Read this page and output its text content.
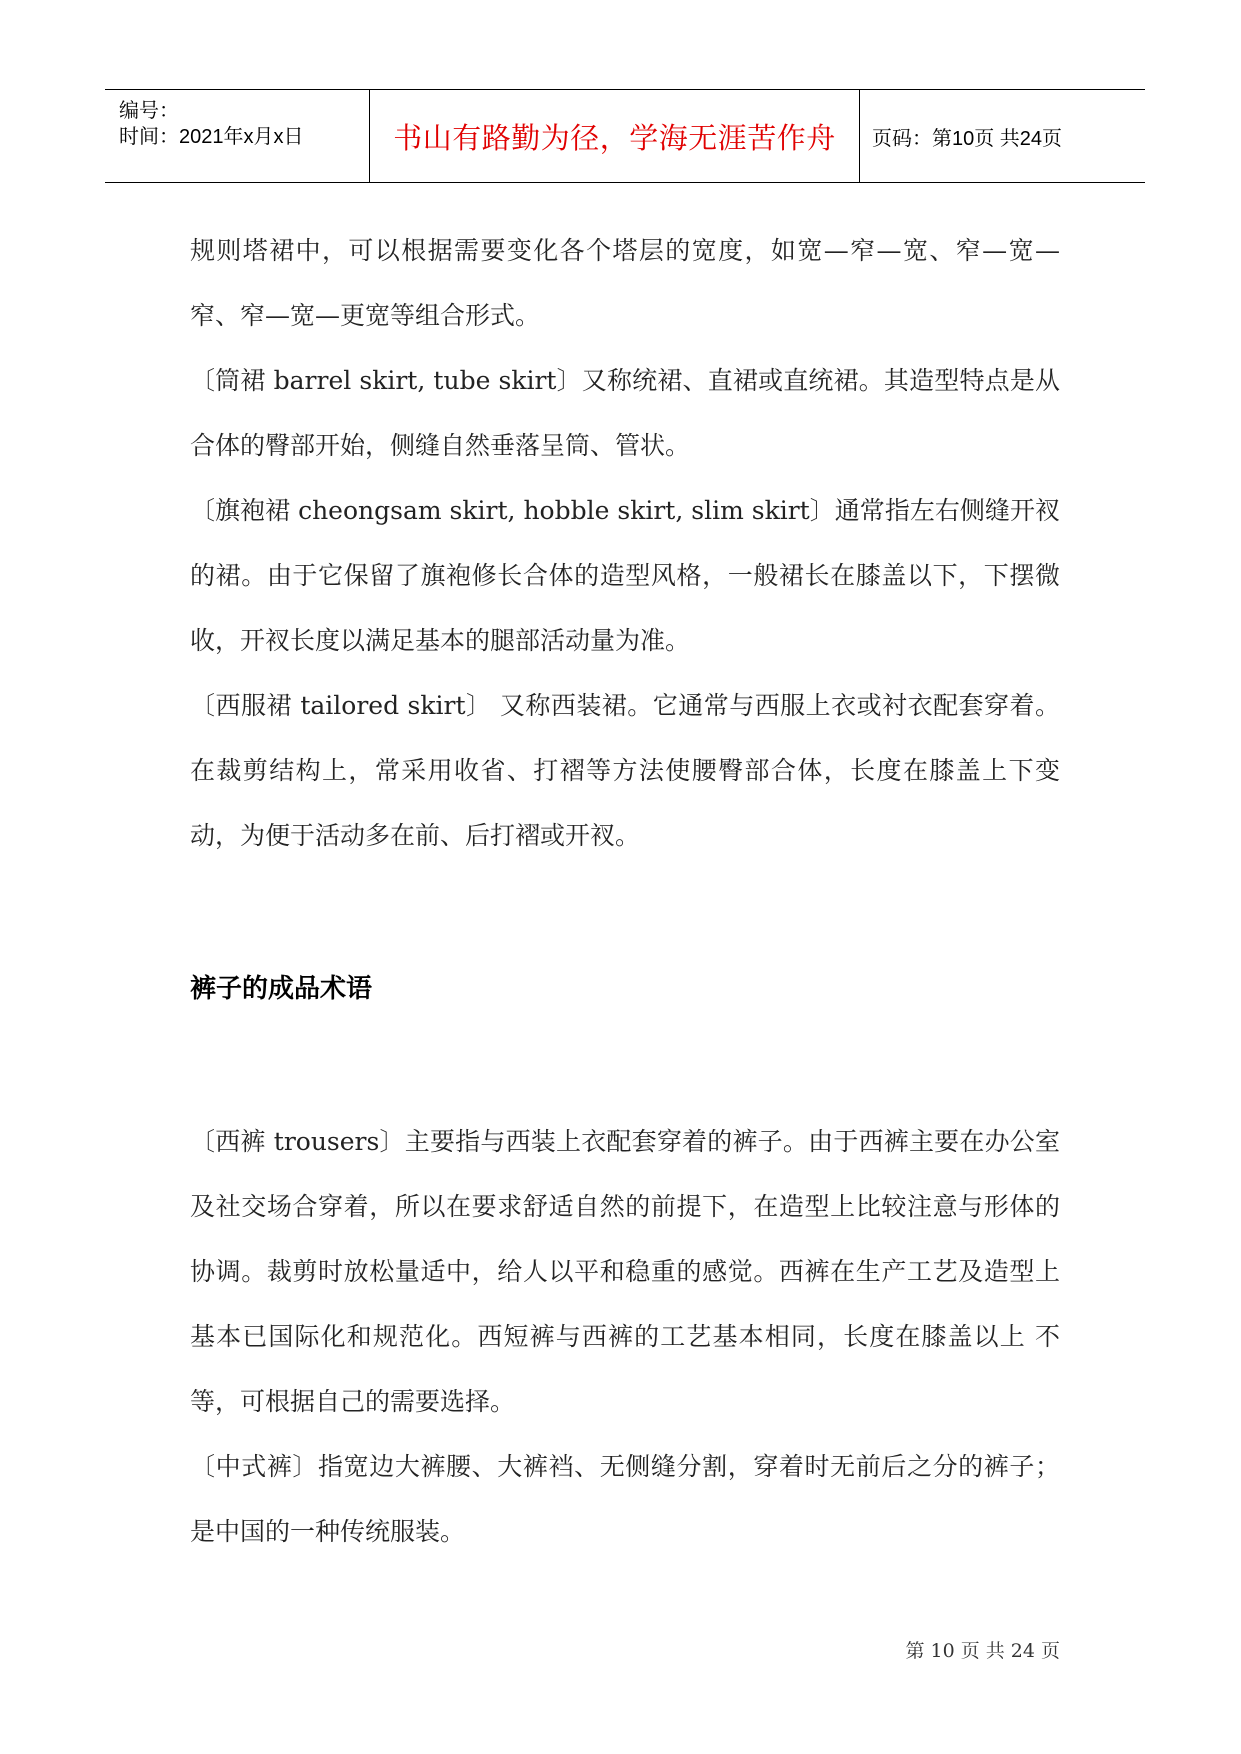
编号：
时间：2021年x月x日	书山有路勤为径，学海无涯苦作舟 页码：第10页 共24页

规则塔裙中，可以根据需要变化各个塔层的宽度，如宽—窄—宽、窄—宽—窄、窄—宽—更宽等组合形式。

〔筒裙 barrel skirt, tube skirt〕又称统裙、直裙或直统裙。其造型特点是从合体的臀部开始，侧缝自然垂落呈筒、管状。

〔旗袍裙 cheongsam skirt, hobble skirt, slim skirt〕通常指左右侧缝开衩的裙。由于它保留了旗袍修长合体的造型风格，一般裙长在膝盖以下，下摆微收，开衩长度以满足基本的腿部活动量为准。

〔西服裙 tailored skirt〕 又称西装裙。它通常与西服上衣或衬衣配套穿着。在裁剪结构上，常采用收省、打褶等方法使腰臀部合体，长度在膝盖上下变动，为便于活动多在前、后打褶或开衩。

裤子的成品术语

〔西裤 trousers〕主要指与西装上衣配套穿着的裤子。由于西裤主要在办公室及社交场合穿着，所以在要求舒适自然的前提下，在造型上比较注意与形体的协调。裁剪时放松量适中，给人以平和稳重的感觉。西裤在生产工艺及造型上基本已国际化和规范化。西短裤与西裤的工艺基本相同，长度在膝盖以上 不等，可根据自己的需要选择。

〔中式裤〕指宽边大裤腰、大裤裆、无侧缝分割，穿着时无前后之分的裤子；是中国的一种传统服装。

第 10 页 共 24 页
